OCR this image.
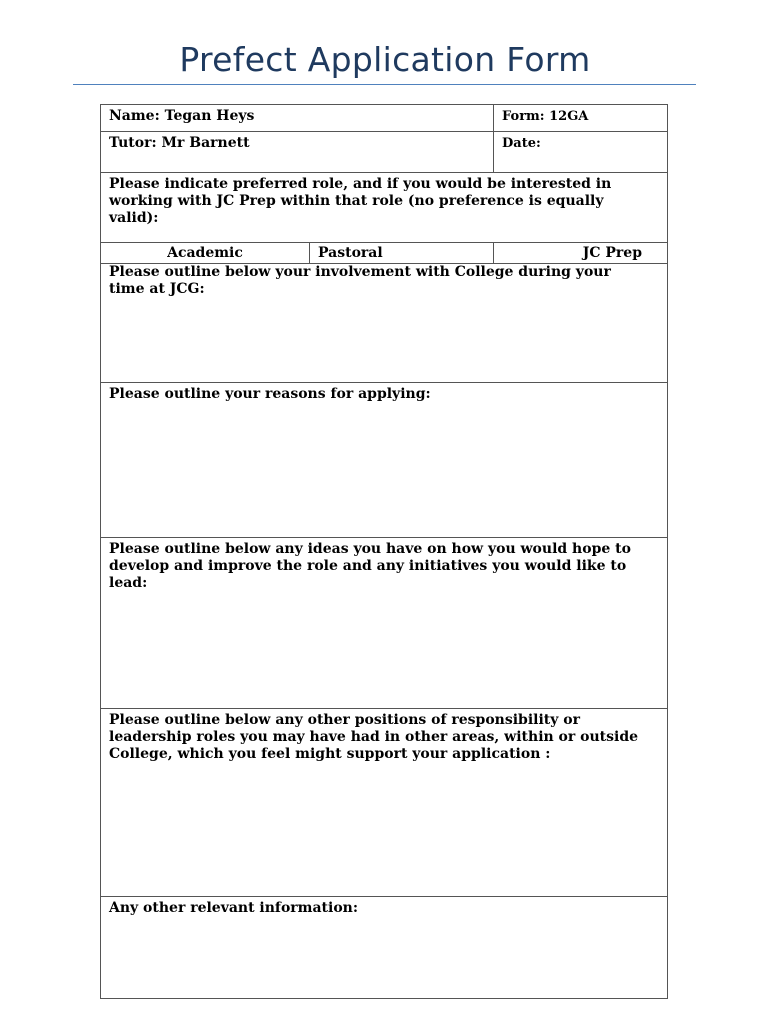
Prefect Application Form
Name: Tegan Heys	Form: 12GA
Tutor: Mr Barnett	Date:
Please indicate preferred role, and if you would be interested in working with JC Prep within that role (no preference is equally valid):
Academic	Pastoral	JC Prep
Please outline below your involvement with College during your time at JCG:
Please outline your reasons for applying:
Please outline below any ideas you have on how you would hope to develop and improve the role and any initiatives you would like to lead:
Please outline below any other positions of responsibility or leadership roles you may have had in other areas, within or outside College, which you feel might support your application :
Any other relevant information:
